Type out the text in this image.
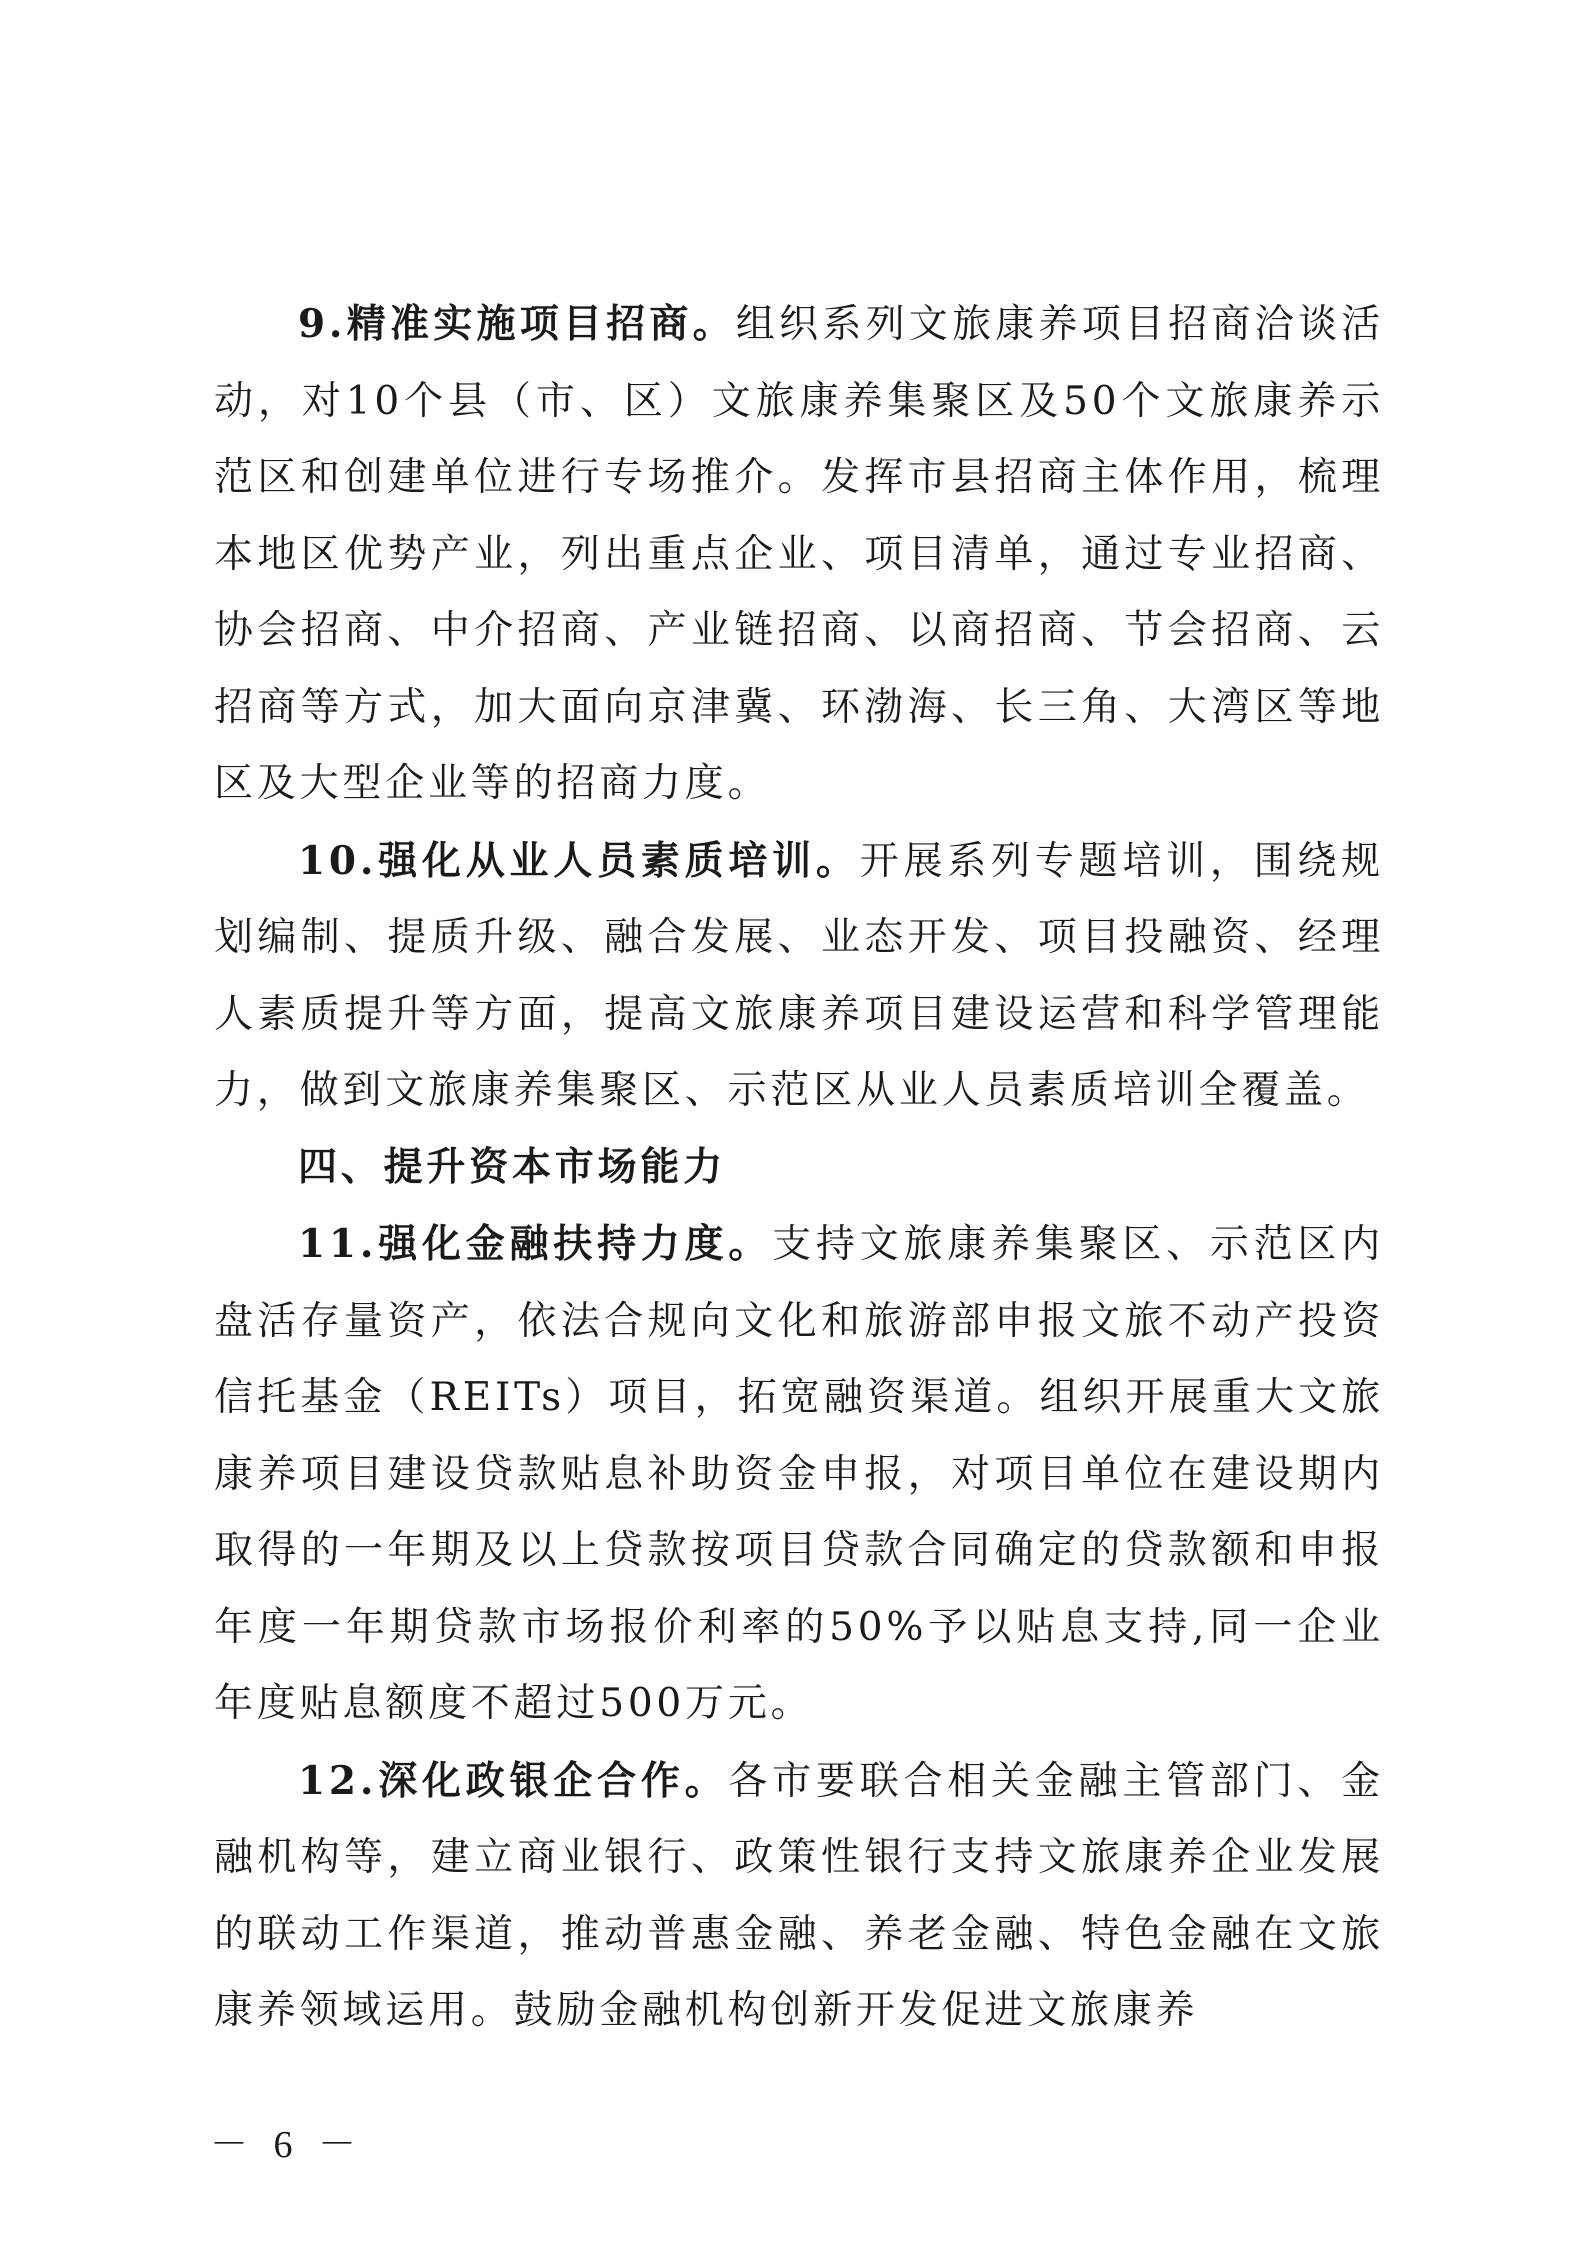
9.精准实施项目招商。组织系列文旅康养项目招商洽谈活动，对10个县（市、区）文旅康养集聚区及50个文旅康养示范区和创建单位进行专场推介。发挥市县招商主体作用，梳理本地区优势产业，列出重点企业、项目清单，通过专业招商、协会招商、中介招商、产业链招商、以商招商、节会招商、云招商等方式，加大面向京津冀、环渤海、长三角、大湾区等地区及大型企业等的招商力度。

10.强化从业人员素质培训。开展系列专题培训，围绕规划编制、提质升级、融合发展、业态开发、项目投融资、经理人素质提升等方面，提高文旅康养项目建设运营和科学管理能力，做到文旅康养集聚区、示范区从业人员素质培训全覆盖。

四、提升资本市场能力

11.强化金融扶持力度。支持文旅康养集聚区、示范区内盘活存量资产，依法合规向文化和旅游部申报文旅不动产投资信托基金（REITs）项目，拓宽融资渠道。组织开展重大文旅康养项目建设贷款贴息补助资金申报，对项目单位在建设期内取得的一年期及以上贷款按项目贷款合同确定的贷款额和申报年度一年期贷款市场报价利率的50%予以贴息支持,同一企业年度贴息额度不超过500万元。

12.深化政银企合作。各市要联合相关金融主管部门、金融机构等，建立商业银行、政策性银行支持文旅康养企业发展的联动工作渠道，推动普惠金融、养老金融、特色金融在文旅康养领域运用。鼓励金融机构创新开发促进文旅康养

－ 6 －
